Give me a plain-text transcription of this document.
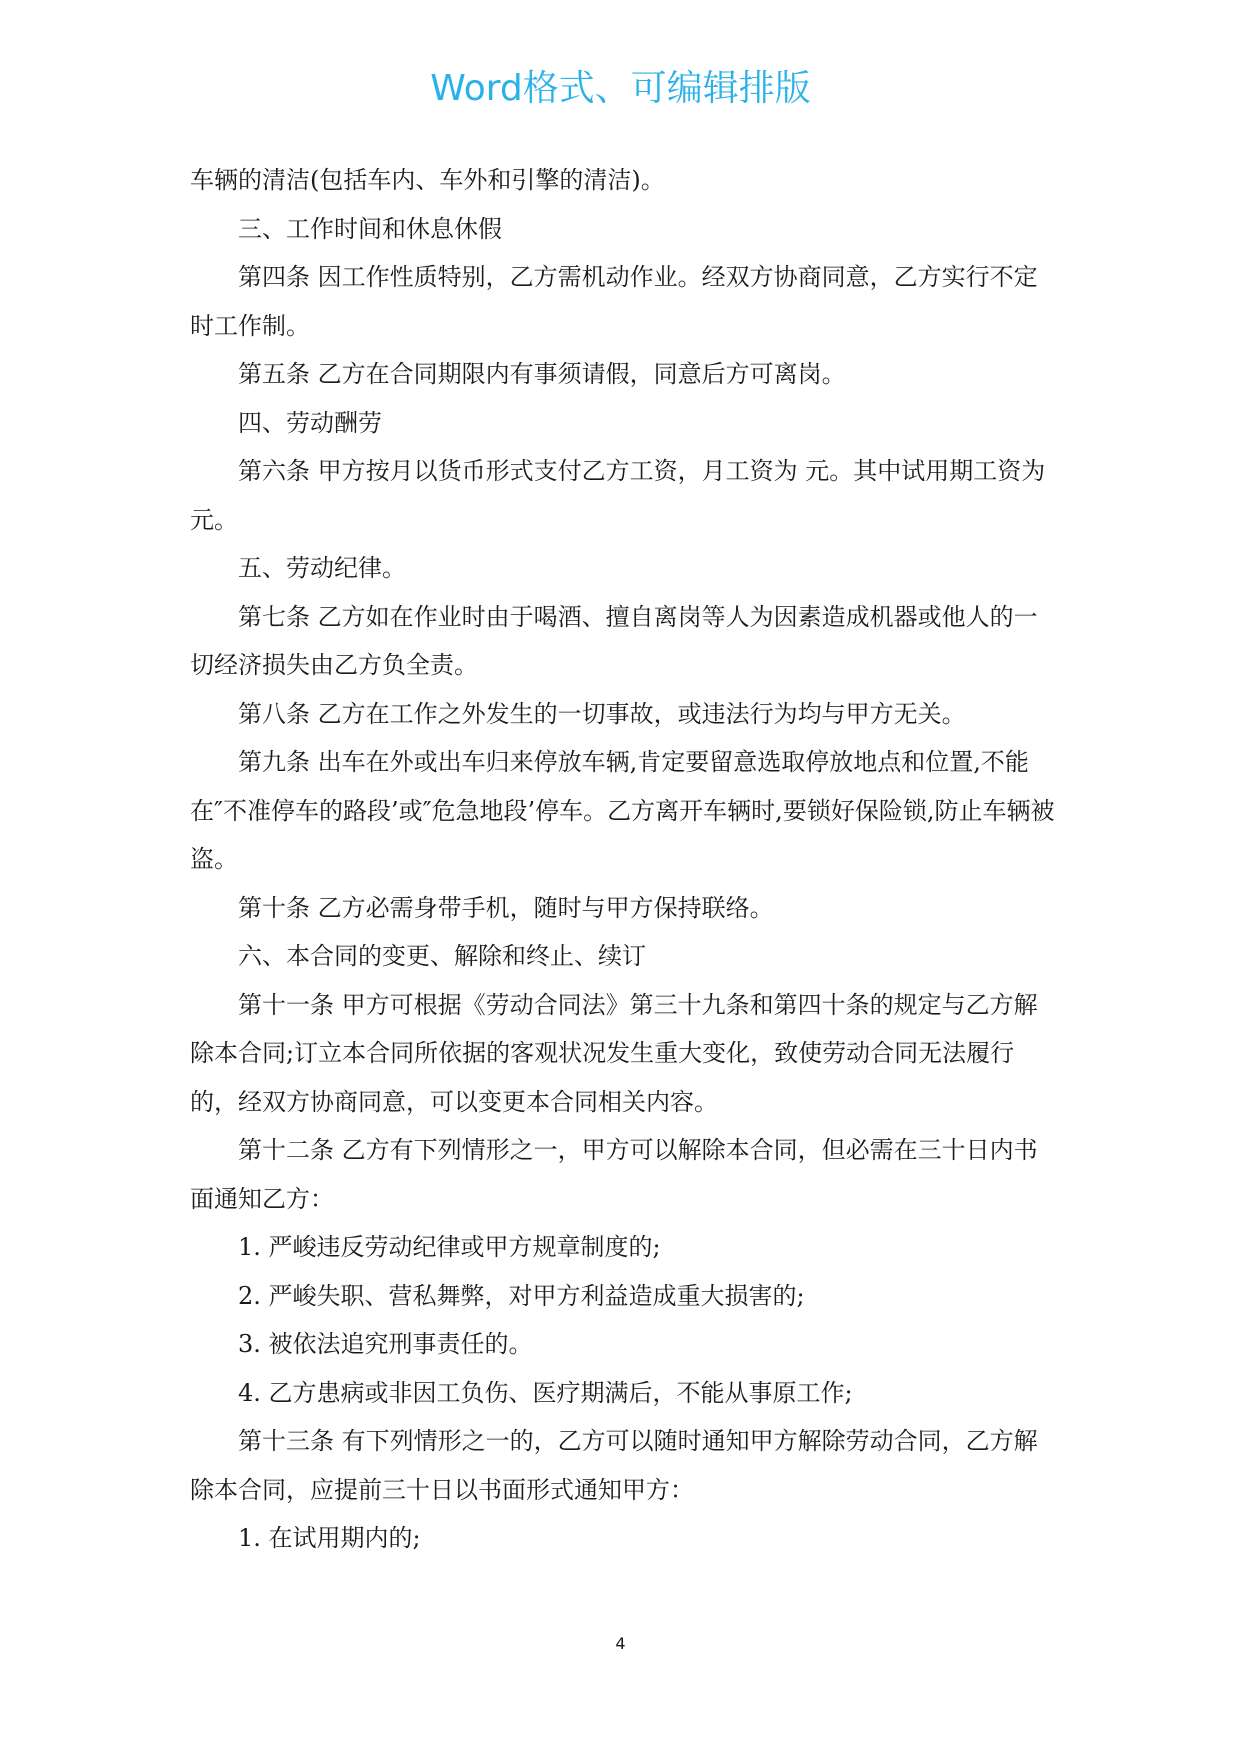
Word格式、可编辑排版

车辆的清洁(包括车内、车外和引擎的清洁)。

三、工作时间和休息休假

第四条 因工作性质特别，乙方需机动作业。经双方协商同意，乙方实行不定时工作制。

第五条 乙方在合同期限内有事须请假，同意后方可离岗。

四、劳动酬劳

第六条 甲方按月以货币形式支付乙方工资，月工资为 元。其中试用期工资为 元。

五、劳动纪律。

第七条 乙方如在作业时由于喝酒、擅自离岗等人为因素造成机器或他人的一切经济损失由乙方负全责。

第八条 乙方在工作之外发生的一切事故，或违法行为均与甲方无关。

第九条 出车在外或出车归来停放车辆,肯定要留意选取停放地点和位置,不能在″不准停车的路段’或″危急地段’停车。乙方离开车辆时,要锁好保险锁,防止车辆被盗。

第十条 乙方必需身带手机，随时与甲方保持联络。

六、本合同的变更、解除和终止、续订

第十一条 甲方可根据《劳动合同法》第三十九条和第四十条的规定与乙方解除本合同;订立本合同所依据的客观状况发生重大变化，致使劳动合同无法履行的，经双方协商同意，可以变更本合同相关内容。

第十二条 乙方有下列情形之一，甲方可以解除本合同，但必需在三十日内书面通知乙方：

1. 严峻违反劳动纪律或甲方规章制度的;

2. 严峻失职、营私舞弊，对甲方利益造成重大损害的;

3. 被依法追究刑事责任的。

4. 乙方患病或非因工负伤、医疗期满后，不能从事原工作;

第十三条 有下列情形之一的，乙方可以随时通知甲方解除劳动合同，乙方解除本合同，应提前三十日以书面形式通知甲方：

1. 在试用期内的;

4
